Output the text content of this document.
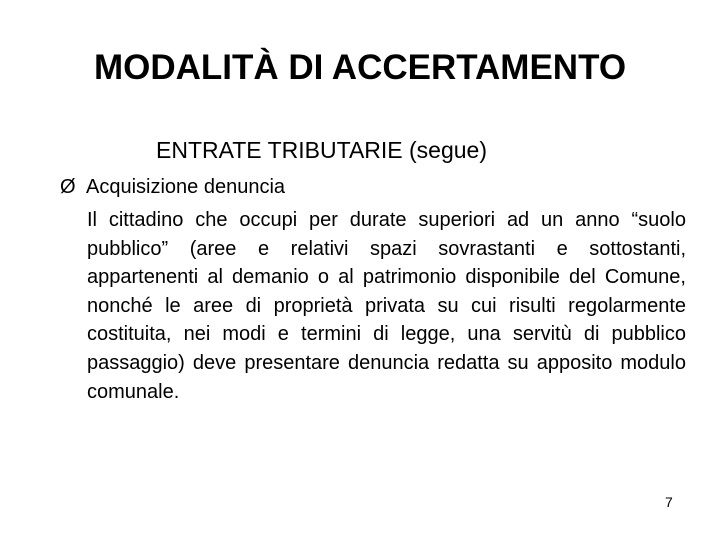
MODALITÀ DI ACCERTAMENTO
ENTRATE TRIBUTARIE (segue)
Ø Acquisizione denuncia

Il cittadino che occupi per durate superiori ad un anno “suolo pubblico” (aree e relativi spazi sovrastanti e sottostanti, appartenenti al demanio o al patrimonio disponibile del Comune, nonché le aree di proprietà privata su cui risulti regolarmente costituita, nei modi e termini di legge, una servitù di pubblico passaggio) deve presentare denuncia redatta su apposito modulo comunale.

7
